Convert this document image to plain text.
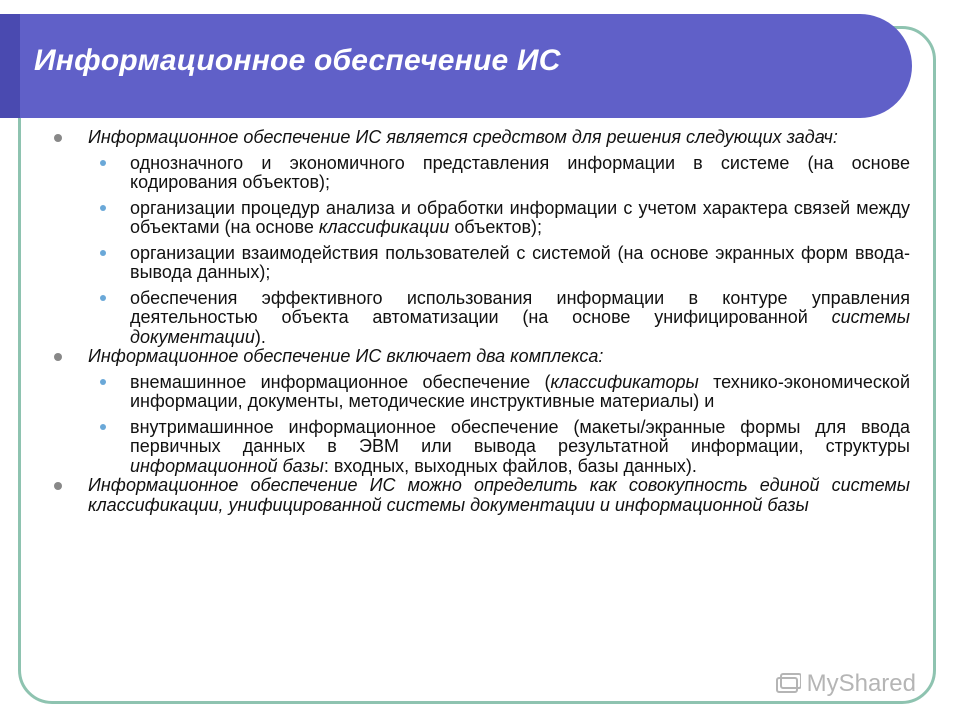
Информационное обеспечение ИС
Информационное обеспечение ИС является средством для решения следующих задач:
однозначного и экономичного представления информации в системе (на основе кодирования объектов);
организации процедур анализа и обработки информации с учетом характера связей между объектами (на основе классификации объектов);
организации взаимодействия пользователей с системой (на основе экранных форм ввода-вывода данных);
обеспечения эффективного использования информации в контуре управления деятельностью объекта автоматизации (на основе унифицированной системы документации).
Информационное обеспечение ИС включает два комплекса:
внемашинное информационное обеспечение (классификаторы технико-экономической информации, документы, методические инструктивные материалы) и
внутримашинное информационное обеспечение (макеты/экранные формы для ввода первичных данных в ЭВМ или вывода результатной информации, структуры информационной базы: входных, выходных файлов, базы данных).
Информационное обеспечение ИС можно определить как совокупность единой системы классификации, унифицированной системы документации и информационной базы
MyShared
